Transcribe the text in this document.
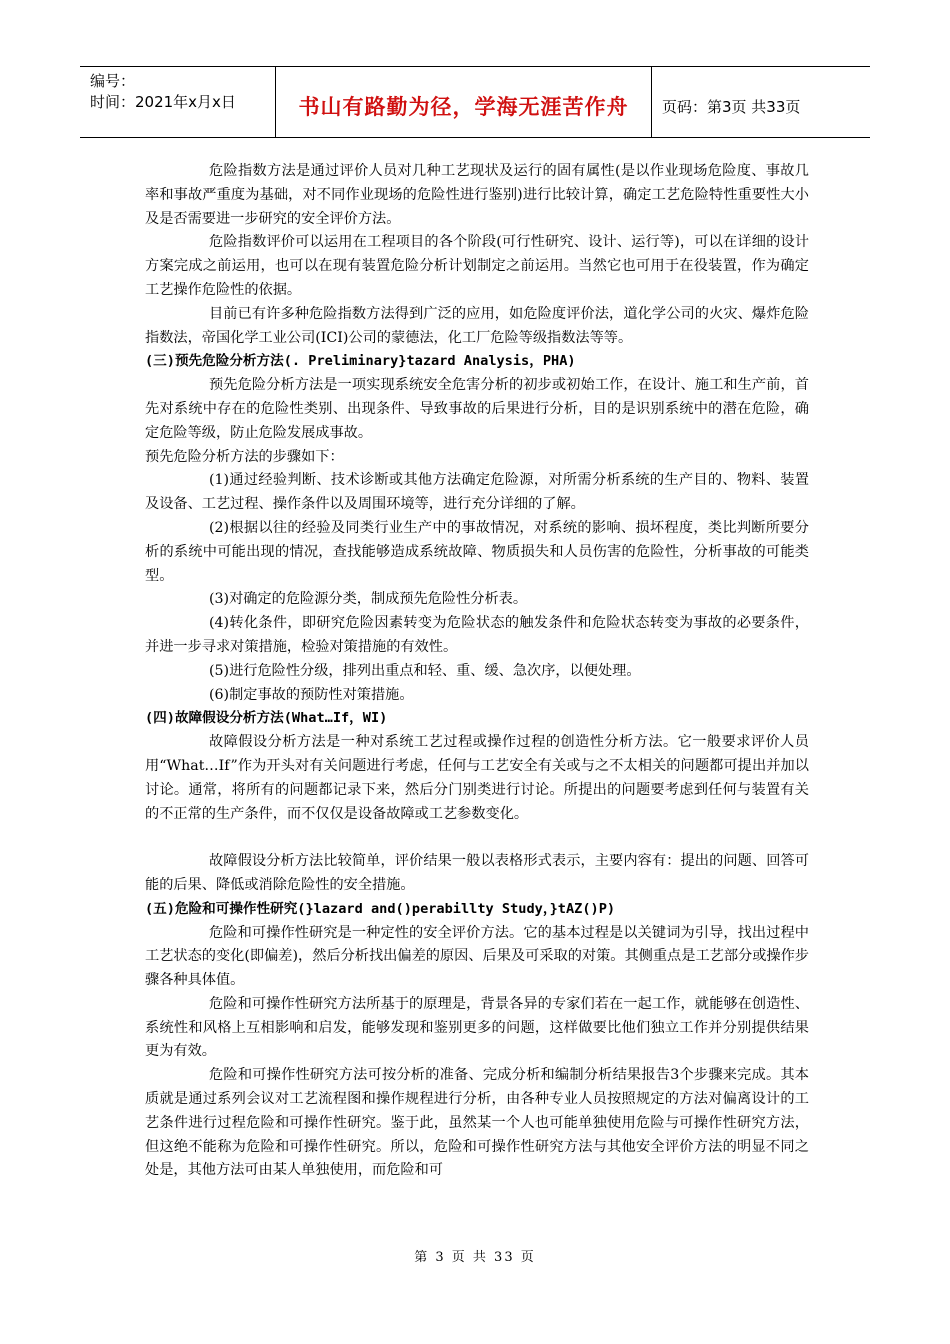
编号：
时间：2021年x月x日	书山有路勤为径，学海无涯苦作舟	页码：第3页 共33页

危险指数方法是通过评价人员对几种工艺现状及运行的固有属性(是以作业现场危险度、事故几率和事故严重度为基础，对不同作业现场的危险性进行鉴别)进行比较计算，确定工艺危险特性重要性大小及是否需要进一步研究的安全评价方法。

危险指数评价可以运用在工程项目的各个阶段(可行性研究、设计、运行等)，可以在详细的设计方案完成之前运用，也可以在现有装置危险分析计划制定之前运用。当然它也可用于在役装置，作为确定工艺操作危险性的依据。

目前已有许多种危险指数方法得到广泛的应用，如危险度评价法，道化学公司的火灾、爆炸危险指数法，帝国化学工业公司(ICI)公司的蒙德法，化工厂危险等级指数法等等。

(三)预先危险分析方法(. Preliminary}tazard Analysis，PHA)

预先危险分析方法是一项实现系统安全危害分析的初步或初始工作，在设计、施工和生产前，首先对系统中存在的危险性类别、出现条件、导致事故的后果进行分析，目的是识别系统中的潜在危险，确定危险等级，防止危险发展成事故。

预先危险分析方法的步骤如下：

(1)通过经验判断、技术诊断或其他方法确定危险源，对所需分析系统的生产目的、物料、装置及设备、工艺过程、操作条件以及周围环境等，进行充分详细的了解。

(2)根据以往的经验及同类行业生产中的事故情况，对系统的影响、损坏程度，类比判断所要分析的系统中可能出现的情况，查找能够造成系统故障、物质损失和人员伤害的危险性，分析事故的可能类型。

(3)对确定的危险源分类，制成预先危险性分析表。

(4)转化条件，即研究危险因素转变为危险状态的触发条件和危险状态转变为事故的必要条件，并进一步寻求对策措施，检验对策措施的有效性。

(5)进行危险性分级，排列出重点和轻、重、缓、急次序，以便处理。

(6)制定事故的预防性对策措施。

(四)故障假设分析方法(What…If，WI)

故障假设分析方法是一种对系统工艺过程或操作过程的创造性分析方法。它一般要求评价人员用“What…If”作为开头对有关问题进行考虑，任何与工艺安全有关或与之不太相关的问题都可提出并加以讨论。通常，将所有的问题都记录下来，然后分门别类进行讨论。所提出的问题要考虑到任何与装置有关的不正常的生产条件，而不仅仅是设备故障或工艺参数变化。

故障假设分析方法比较简单，评价结果一般以表格形式表示，主要内容有：提出的问题、回答可能的后果、降低或消除危险性的安全措施。

(五)危险和可操作性研究(}lazard and()perabillty Study，}tAZ()P)

危险和可操作性研究是一种定性的安全评价方法。它的基本过程是以关键词为引导，找出过程中工艺状态的变化(即偏差)，然后分析找出偏差的原因、后果及可采取的对策。其侧重点是工艺部分或操作步骤各种具体值。

危险和可操作性研究方法所基于的原理是，背景各异的专家们若在一起工作，就能够在创造性、系统性和风格上互相影响和启发，能够发现和鉴别更多的问题，这样做要比他们独立工作并分别提供结果更为有效。

危险和可操作性研究方法可按分析的准备、完成分析和编制分析结果报告3个步骤来完成。其本质就是通过系列会议对工艺流程图和操作规程进行分析，由各种专业人员按照规定的方法对偏离设计的工艺条件进行过程危险和可操作性研究。鉴于此，虽然某一个人也可能单独使用危险与可操作性研究方法，但这绝不能称为危险和可操作性研究。所以，危险和可操作性研究方法与其他安全评价方法的明显不同之处是，其他方法可由某人单独使用，而危险和可

第 3 页 共 33 页
